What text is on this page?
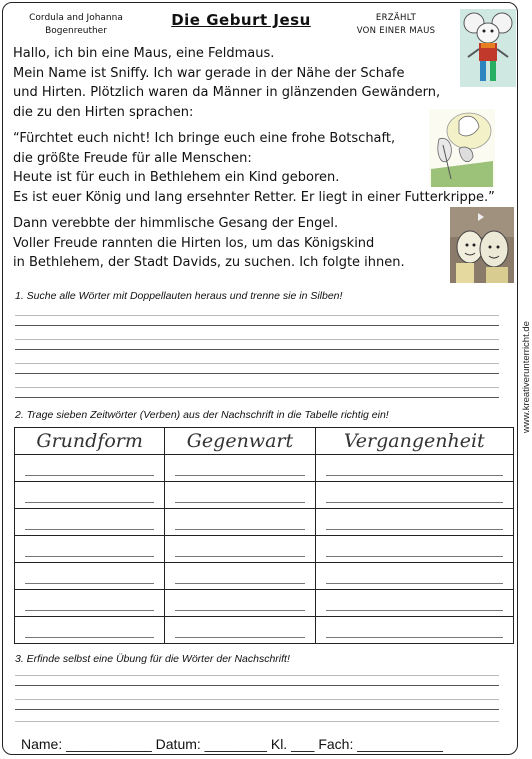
Cordula and Johanna
Bogenreuther
Die Geburt Jesu	ERZÄHLT
VON EINER MAUS
Hallo, ich bin eine Maus, eine Feldmaus.
Mein Name ist Sniffy. Ich war gerade in der Nähe der Schafe
und Hirten. Plötzlich waren da Männer in glänzenden Gewändern,
die zu den Hirten sprachen:
“Fürchtet euch nicht! Ich bringe euch eine frohe Botschaft,
die größte Freude für alle Menschen:
Heute ist für euch in Bethlehem ein Kind geboren.
Es ist euer König und lang ersehnter Retter. Er liegt in einer Futterkrippe.”
Dann verebbte der himmlische Gesang der Engel.
Voller Freude rannten die Hirten los, um das Königskind
in Bethlehem, der Stadt Davids, zu suchen. Ich folgte ihnen.
1. Suche alle Wörter mit Doppellauten heraus und trenne sie in Silben!
2. Trage sieben Zeitwörter (Verben) aus der Nachschrift in die Tabelle richtig ein!
Grundform	Gegenwart	Vergangenheit

3. Erfinde selbst eine Übung für die Wörter der Nachschrift!
www.kreativerunterricht.de
Name: ___________ Datum: ________ Kl. ___ Fach: ___________
